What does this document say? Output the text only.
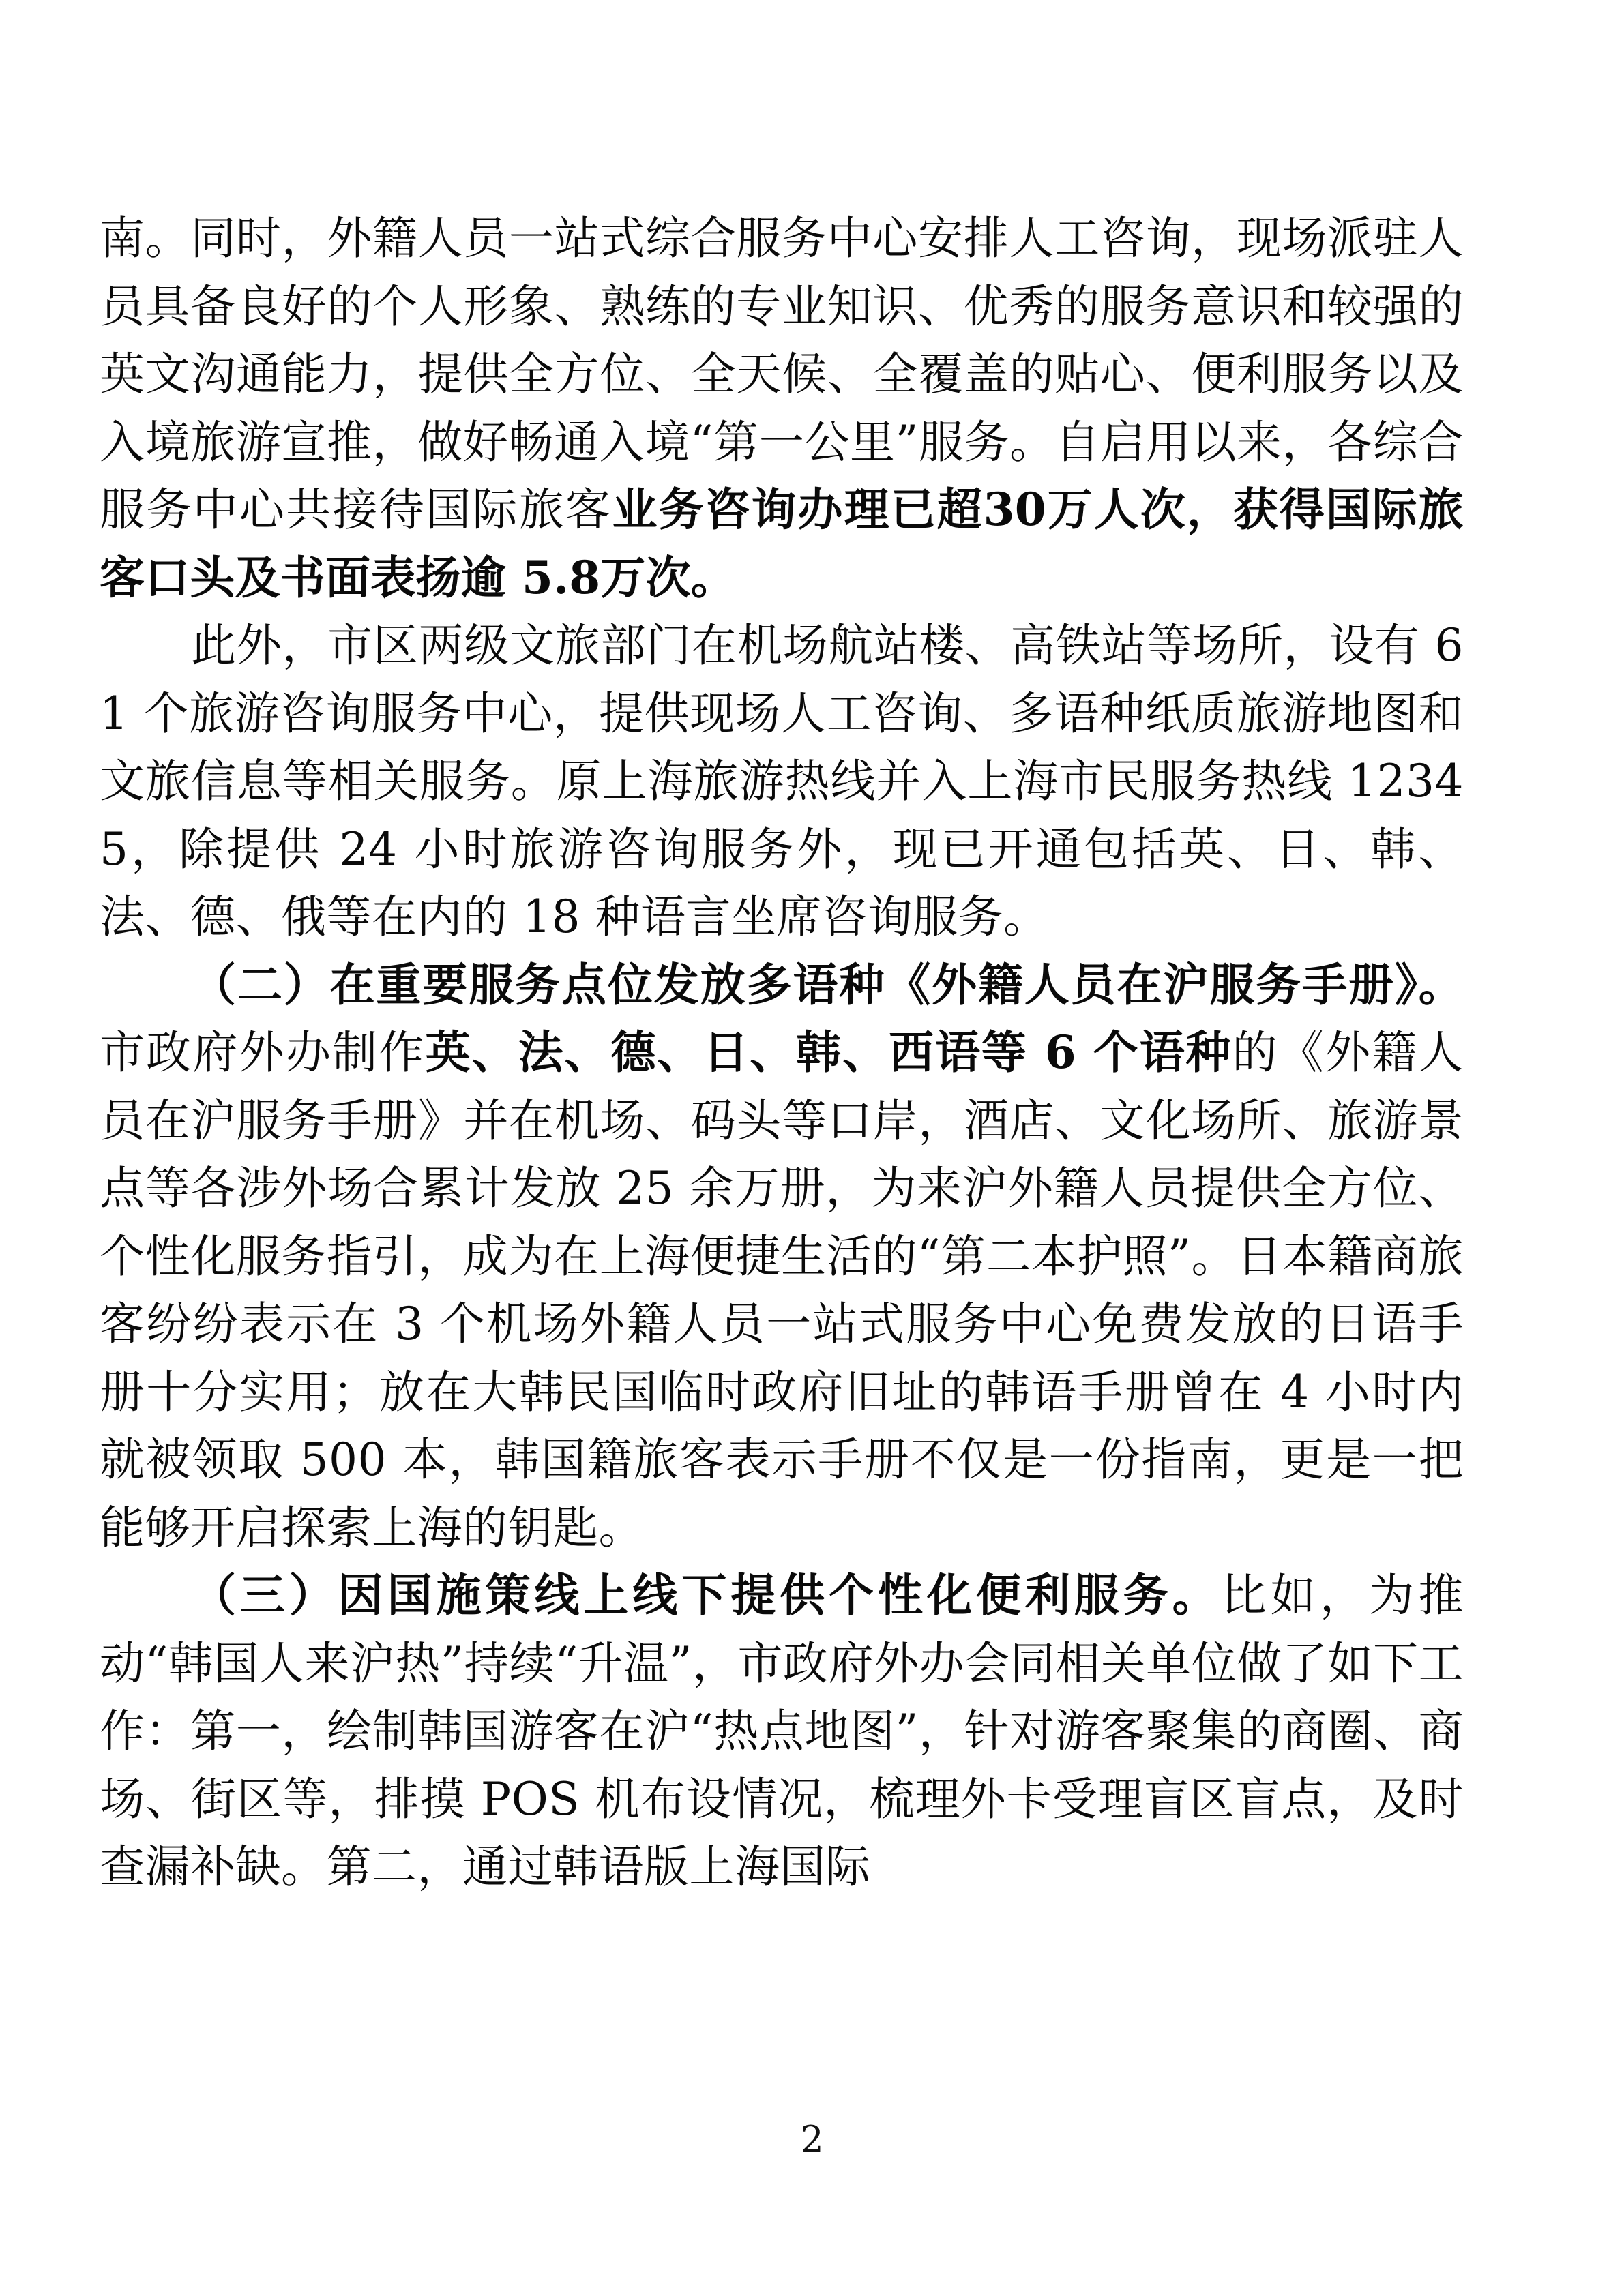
南。同时，外籍人员一站式综合服务中心安排人工咨询，现场派驻人员具备良好的个人形象、熟练的专业知识、优秀的服务意识和较强的英文沟通能力，提供全方位、全天候、全覆盖的贴心、便利服务以及入境旅游宣推，做好畅通入境“第一公里”服务。自启用以来，各综合服务中心共接待国际旅客业务咨询办理已超30万人次，获得国际旅客口头及书面表扬逾 5.8万次。

此外，市区两级文旅部门在机场航站楼、高铁站等场所，设有 61 个旅游咨询服务中心，提供现场人工咨询、多语种纸质旅游地图和文旅信息等相关服务。原上海旅游热线并入上海市民服务热线 12345，除提供 24 小时旅游咨询服务外，现已开通包括英、日、韩、法、德、俄等在内的 18 种语言坐席咨询服务。

（二）在重要服务点位发放多语种《外籍人员在沪服务手册》。市政府外办制作英、法、德、日、韩、西语等 6 个语种的《外籍人员在沪服务手册》并在机场、码头等口岸，酒店、文化场所、旅游景点等各涉外场合累计发放 25 余万册，为来沪外籍人员提供全方位、个性化服务指引，成为在上海便捷生活的“第二本护照”。日本籍商旅客纷纷表示在 3 个机场外籍人员一站式服务中心免费发放的日语手册十分实用；放在大韩民国临时政府旧址的韩语手册曾在 4 小时内就被领取 500 本，韩国籍旅客表示手册不仅是一份指南，更是一把能够开启探索上海的钥匙。

（三）因国施策线上线下提供个性化便利服务。比如，为推动“韩国人来沪热”持续“升温”，市政府外办会同相关单位做了如下工作：第一，绘制韩国游客在沪“热点地图”，针对游客聚集的商圈、商场、街区等，排摸 POS 机布设情况，梳理外卡受理盲区盲点，及时查漏补缺。第二，通过韩语版上海国际

2
